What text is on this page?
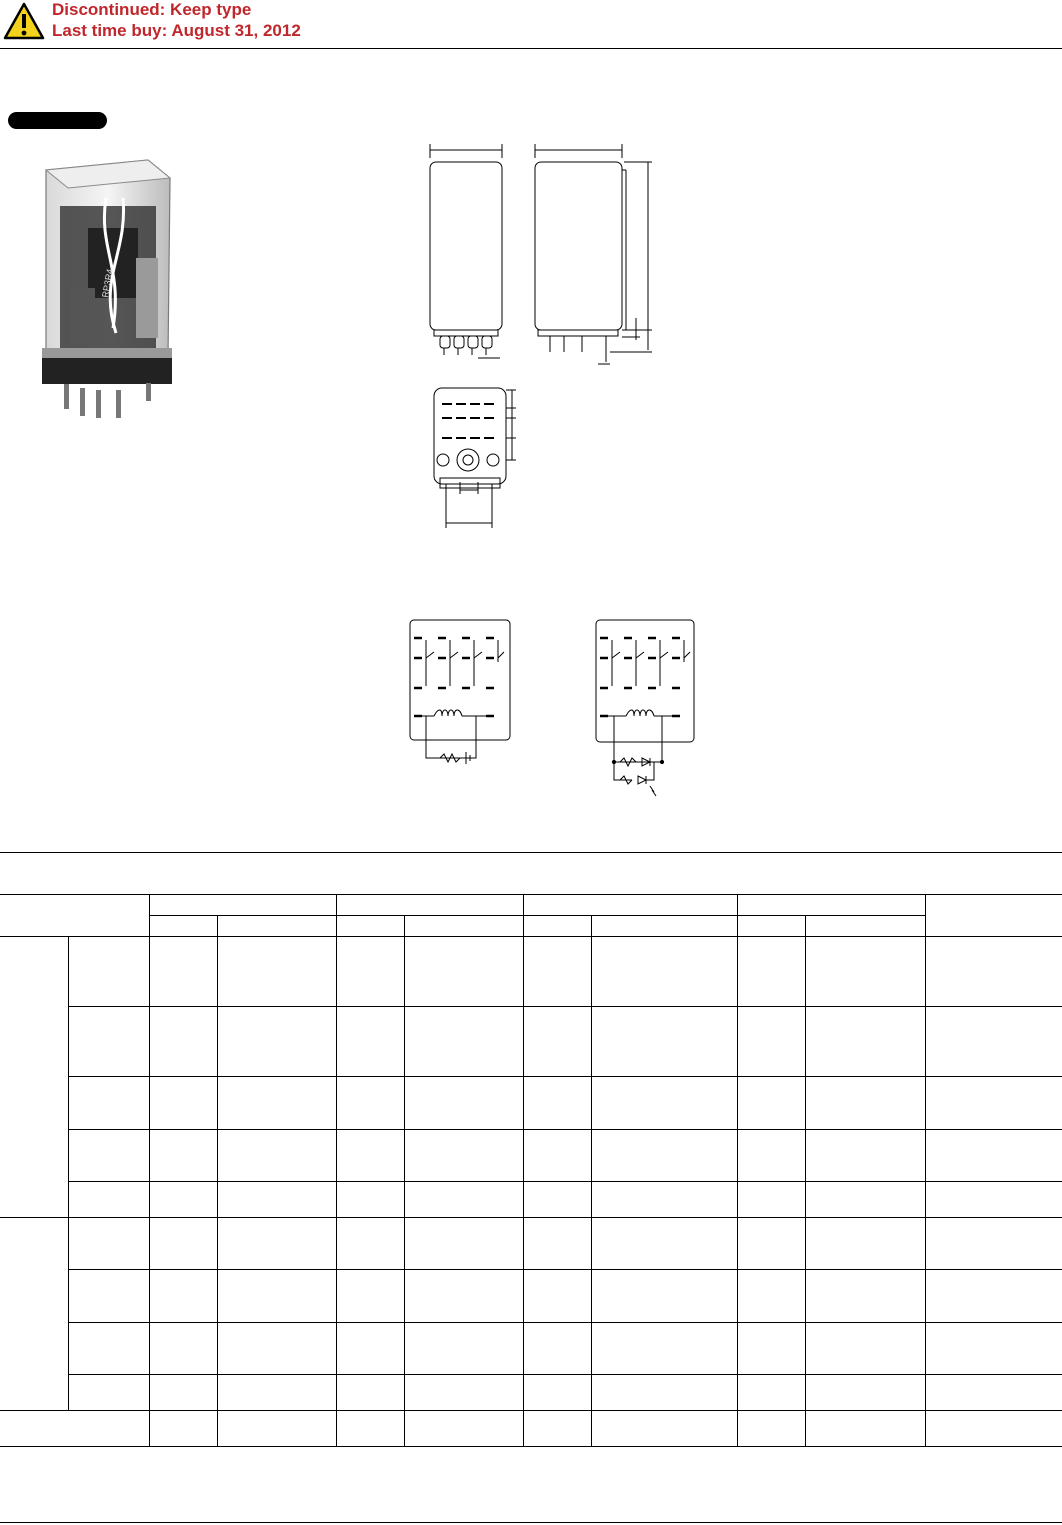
Discontinued: Keep type
Last time buy: August 31, 2012
RP3R4
